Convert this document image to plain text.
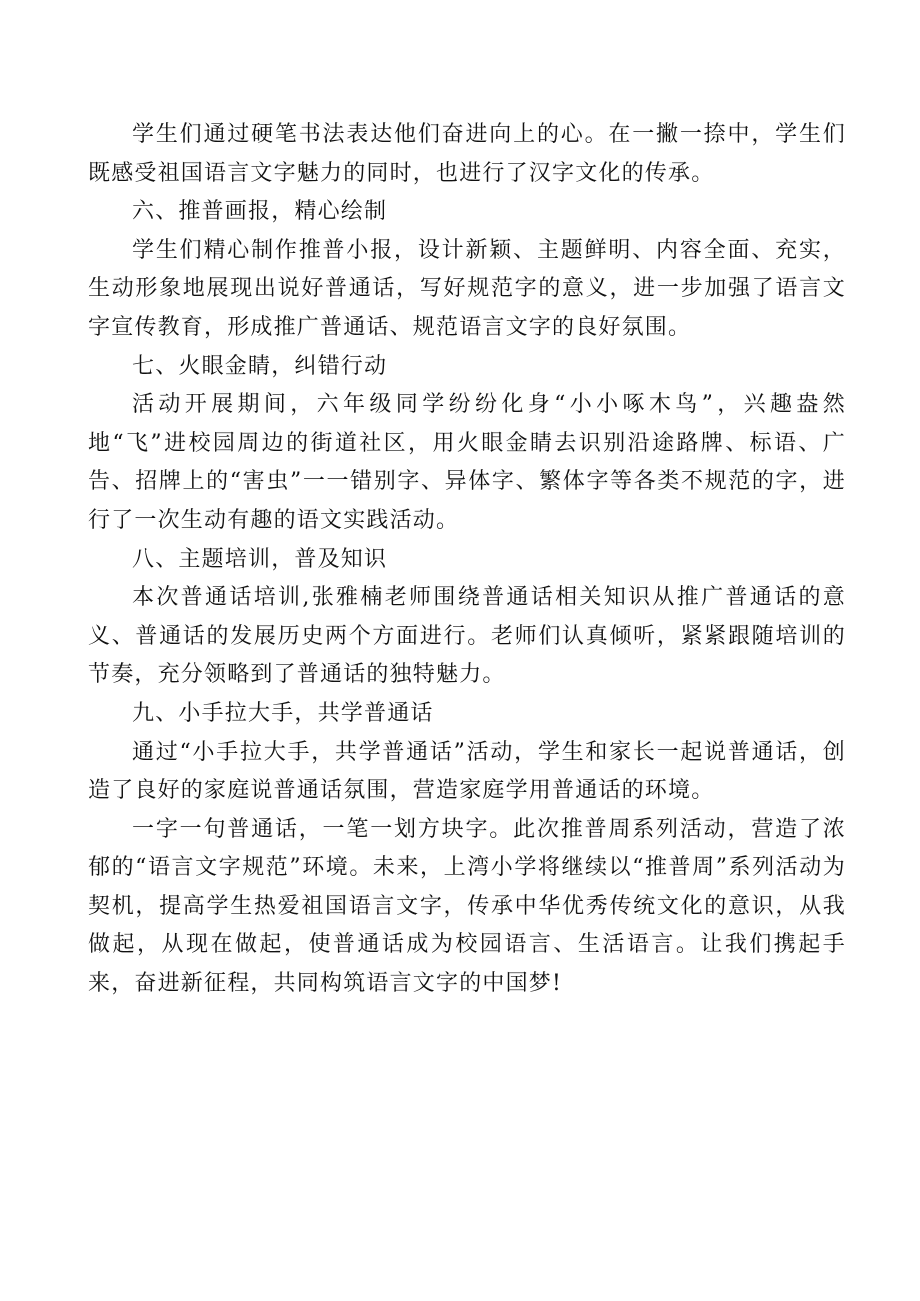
学生们通过硬笔书法表达他们奋进向上的心。在一撇一捺中，学生们既感受祖国语言文字魅力的同时，也进行了汉字文化的传承。

六、推普画报，精心绘制

学生们精心制作推普小报，设计新颖、主题鲜明、内容全面、充实，生动形象地展现出说好普通话，写好规范字的意义，进一步加强了语言文字宣传教育，形成推广普通话、规范语言文字的良好氛围。

七、火眼金睛，纠错行动

活动开展期间，六年级同学纷纷化身“小小啄木鸟”，兴趣盎然地“飞”进校园周边的街道社区，用火眼金睛去识别沿途路牌、标语、广告、招牌上的“害虫”一一错别字、异体字、繁体字等各类不规范的字，进行了一次生动有趣的语文实践活动。

八、主题培训，普及知识

本次普通话培训,张雅楠老师围绕普通话相关知识从推广普通话的意义、普通话的发展历史两个方面进行。老师们认真倾听，紧紧跟随培训的节奏，充分领略到了普通话的独特魅力。

九、小手拉大手，共学普通话

通过“小手拉大手，共学普通话”活动，学生和家长一起说普通话，创造了良好的家庭说普通话氛围，营造家庭学用普通话的环境。

一字一句普通话，一笔一划方块字。此次推普周系列活动，营造了浓郁的“语言文字规范”环境。未来，上湾小学将继续以“推普周”系列活动为契机，提高学生热爱祖国语言文字，传承中华优秀传统文化的意识，从我做起，从现在做起，使普通话成为校园语言、生活语言。让我们携起手来，奋进新征程，共同构筑语言文字的中国梦!
